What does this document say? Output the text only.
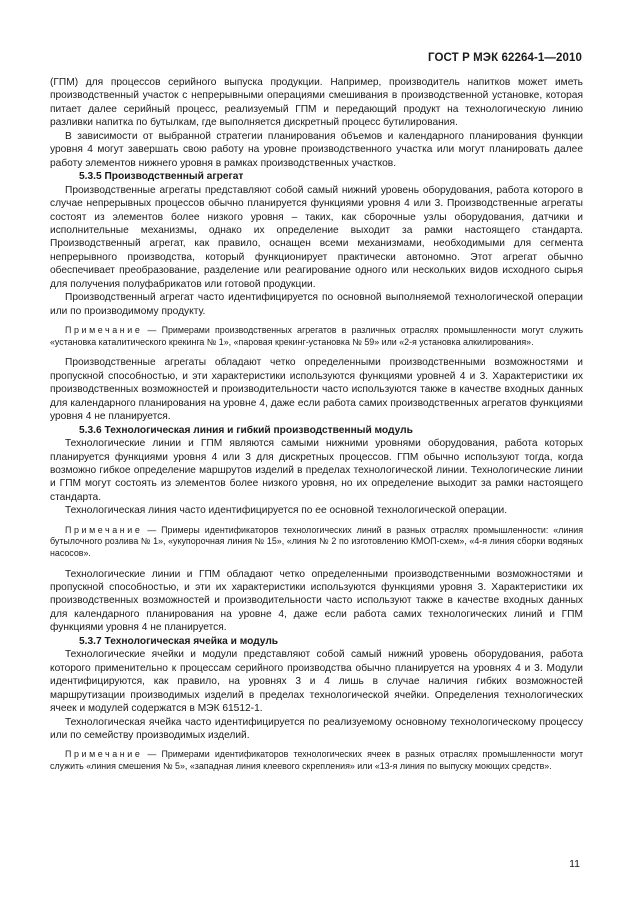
ГОСТ Р МЭК 62264-1—2010

(ГПМ) для процессов серийного выпуска продукции. Например, производитель напитков может иметь производственный участок с непрерывными операциями смешивания в производственной установке, которая питает далее серийный процесс, реализуемый ГПМ и передающий продукт на технологическую линию разливки напитка по бутылкам, где выполняется дискретный процесс бутилирования.

В зависимости от выбранной стратегии планирования объемов и календарного планирования функции уровня 4 могут завершать свою работу на уровне производственного участка или могут планировать далее работу элементов нижнего уровня в рамках производственных участков.

5.3.5 Производственный агрегат

Производственные агрегаты представляют собой самый нижний уровень оборудования, работа которого в случае непрерывных процессов обычно планируется функциями уровня 4 или 3. Производственные агрегаты состоят из элементов более низкого уровня – таких, как сборочные узлы оборудования, датчики и исполнительные механизмы, однако их определение выходит за рамки настоящего стандарта. Производственный агрегат, как правило, оснащен всеми механизмами, необходимыми для сегмента непрерывного производства, который функционирует практически автономно. Этот агрегат обычно обеспечивает преобразование, разделение или реагирование одного или нескольких видов исходного сырья для получения полуфабрикатов или готовой продукции.

Производственный агрегат часто идентифицируется по основной выполняемой технологической операции или по производимому продукту.

Примечание — Примерами производственных агрегатов в различных отраслях промышленности могут служить «установка каталитического крекинга № 1», «паровая крекинг-установка № 59» или «2-я установка алкилирования».

Производственные агрегаты обладают четко определенными производственными возможностями и пропускной способностью, и эти характеристики используются функциями уровней 4 и 3. Характеристики их производственных возможностей и производительности часто используются также в качестве входных данных для календарного планирования на уровне 4, даже если работа самих производственных агрегатов функциями уровня 4 не планируется.

5.3.6 Технологическая линия и гибкий производственный модуль

Технологические линии и ГПМ являются самыми нижними уровнями оборудования, работа которых планируется функциями уровня 4 или 3 для дискретных процессов. ГПМ обычно используют тогда, когда возможно гибкое определение маршрутов изделий в пределах технологической линии. Технологические линии и ГПМ могут состоять из элементов более низкого уровня, но их определение выходит за рамки настоящего стандарта.

Технологическая линия часто идентифицируется по ее основной технологической операции.

Примечание — Примеры идентификаторов технологических линий в разных отраслях промышленности: «линия бутылочного розлива № 1», «укупорочная линия № 15», «линия № 2 по изготовлению КМОП-схем», «4-я линия сборки водяных насосов».

Технологические линии и ГПМ обладают четко определенными производственными возможностями и пропускной способностью, и эти их характеристики используются функциями уровня 3. Характеристики их производственных возможностей и производительности часто используют также в качестве входных данных для календарного планирования на уровне 4, даже если работа самих технологических линий и ГПМ функциями уровня 4 не планируется.

5.3.7 Технологическая ячейка и модуль

Технологические ячейки и модули представляют собой самый нижний уровень оборудования, работа которого применительно к процессам серийного производства обычно планируется на уровнях 4 и 3. Модули идентифицируются, как правило, на уровнях 3 и 4 лишь в случае наличия гибких возможностей маршрутизации производимых изделий в пределах технологической ячейки. Определения технологических ячеек и модулей содержатся в МЭК 61512-1.

Технологическая ячейка часто идентифицируется по реализуемому основному технологическому процессу или по семейству производимых изделий.

Примечание — Примерами идентификаторов технологических ячеек в разных отраслях промышленности могут служить «линия смешения № 5», «западная линия клеевого скрепления» или «13-я линия по выпуску моющих средств».
11
